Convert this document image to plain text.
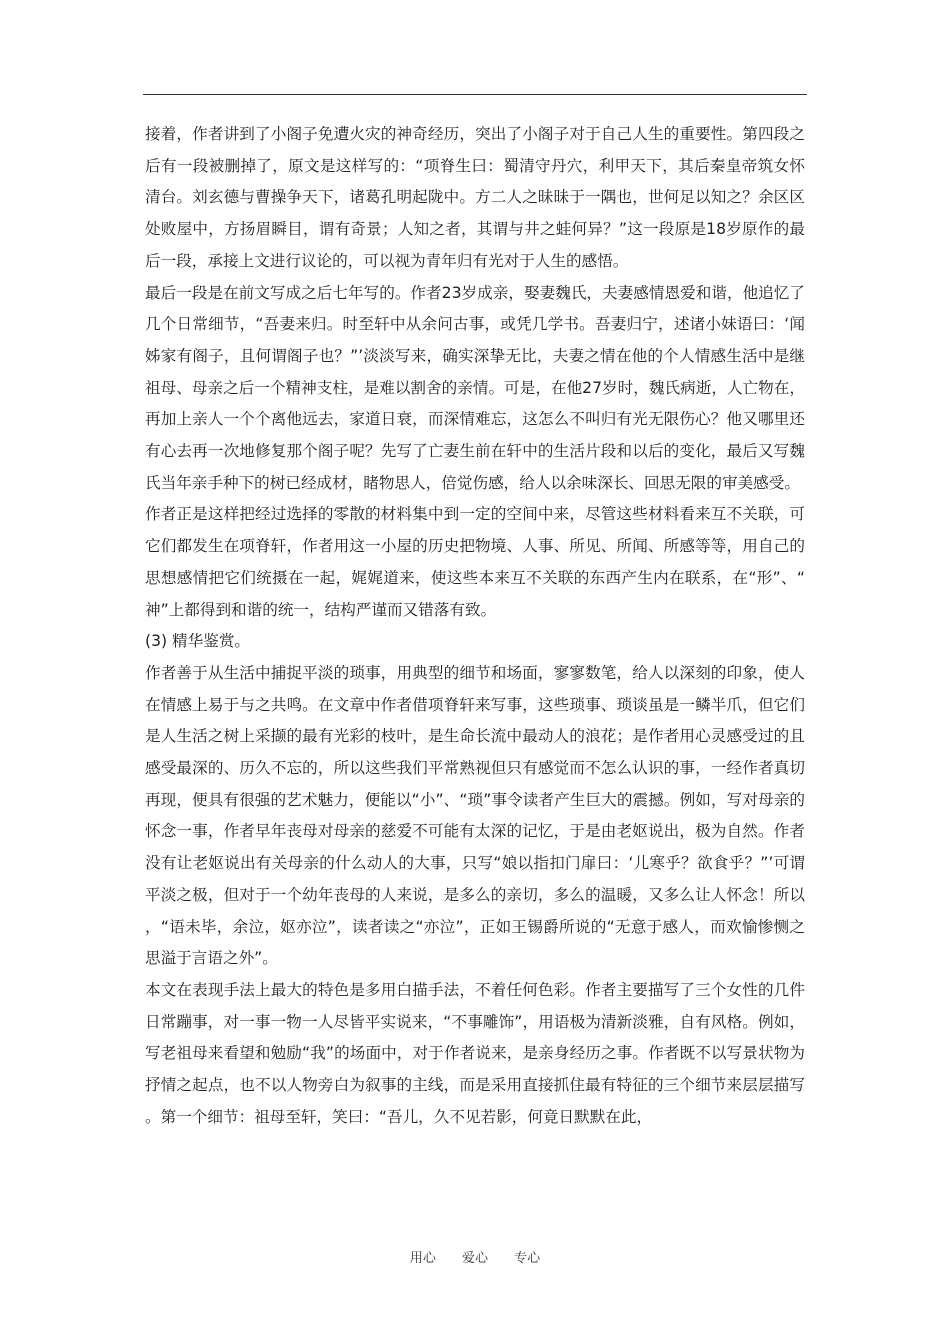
接着，作者讲到了小阁子免遭火灾的神奇经历，突出了小阁子对于自己人生的重要性。第四段之后有一段被删掉了，原文是这样写的：“项脊生曰：蜀清守丹穴，利甲天下，其后秦皇帝筑女怀清台。刘玄德与曹操争天下，诸葛孔明起陇中。方二人之昧昧于一隅也，世何足以知之？余区区处败屋中，方扬眉瞬目，谓有奇景；人知之者，其谓与井之蛙何异？”这一段原是18岁原作的最后一段，承接上文进行议论的，可以视为青年归有光对于人生的感悟。

最后一段是在前文写成之后七年写的。作者23岁成亲，娶妻魏氏，夫妻感情恩爱和谐，他追忆了几个日常细节，“吾妻来归。时至轩中从余问古事，或凭几学书。吾妻归宁，述诸小妹语曰：‘闻姊家有阁子，且何谓阁子也？”’淡淡写来，确实深挚无比，夫妻之情在他的个人情感生活中是继祖母、母亲之后一个精神支柱，是难以割舍的亲情。可是，在他27岁时，魏氏病逝，人亡物在，再加上亲人一个个离他远去，家道日衰，而深情难忘，这怎么不叫归有光无限伤心？他又哪里还有心去再一次地修复那个阁子呢？先写了亡妻生前在轩中的生活片段和以后的变化，最后又写魏氏当年亲手种下的树已经成材，睹物思人，倍觉伤感，给人以余味深长、回思无限的审美感受。

作者正是这样把经过选择的零散的材料集中到一定的空间中来，尽管这些材料看来互不关联，可它们都发生在项脊轩，作者用这一小屋的历史把物境、人事、所见、所闻、所感等等，用自己的思想感情把它们统摄在一起，娓娓道来，使这些本来互不关联的东西产生内在联系，在“形”、“神”上都得到和谐的统一，结构严谨而又错落有致。

(3) 精华鉴赏。

作者善于从生活中捕捉平淡的琐事，用典型的细节和场面，寥寥数笔，给人以深刻的印象，使人在情感上易于与之共鸣。在文章中作者借项脊轩来写事，这些琐事、琐谈虽是一鳞半爪，但它们是人生活之树上采撷的最有光彩的枝叶，是生命长流中最动人的浪花；是作者用心灵感受过的且感受最深的、历久不忘的，所以这些我们平常熟视但只有感觉而不怎么认识的事，一经作者真切再现，便具有很强的艺术魅力，便能以“小”、“琐”事令读者产生巨大的震撼。例如，写对母亲的怀念一事，作者早年丧母对母亲的慈爱不可能有太深的记忆，于是由老妪说出，极为自然。作者没有让老妪说出有关母亲的什么动人的大事，只写“娘以指扣门扉曰：‘儿寒乎？欲食乎？”’可谓平淡之极，但对于一个幼年丧母的人来说，是多么的亲切，多么的温暖，又多么让人怀念！所以，“语未毕，余泣，妪亦泣”，读者读之“亦泣”，正如王锡爵所说的“无意于感人，而欢愉惨恻之思溢于言语之外”。

本文在表现手法上最大的特色是多用白描手法，不着任何色彩。作者主要描写了三个女性的几件日常蹦事，对一事一物一人尽皆平实说来，“不事雕饰”，用语极为清新淡雅，自有风格。例如，写老祖母来看望和勉励“我”的场面中，对于作者说来，是亲身经历之事。作者既不以写景状物为抒情之起点，也不以人物旁白为叙事的主线，而是采用直接抓住最有特征的三个细节来层层描写。第一个细节：祖母至轩，笑曰：“吾儿，久不见若影，何竟日默默在此，

用心 爱心 专心
